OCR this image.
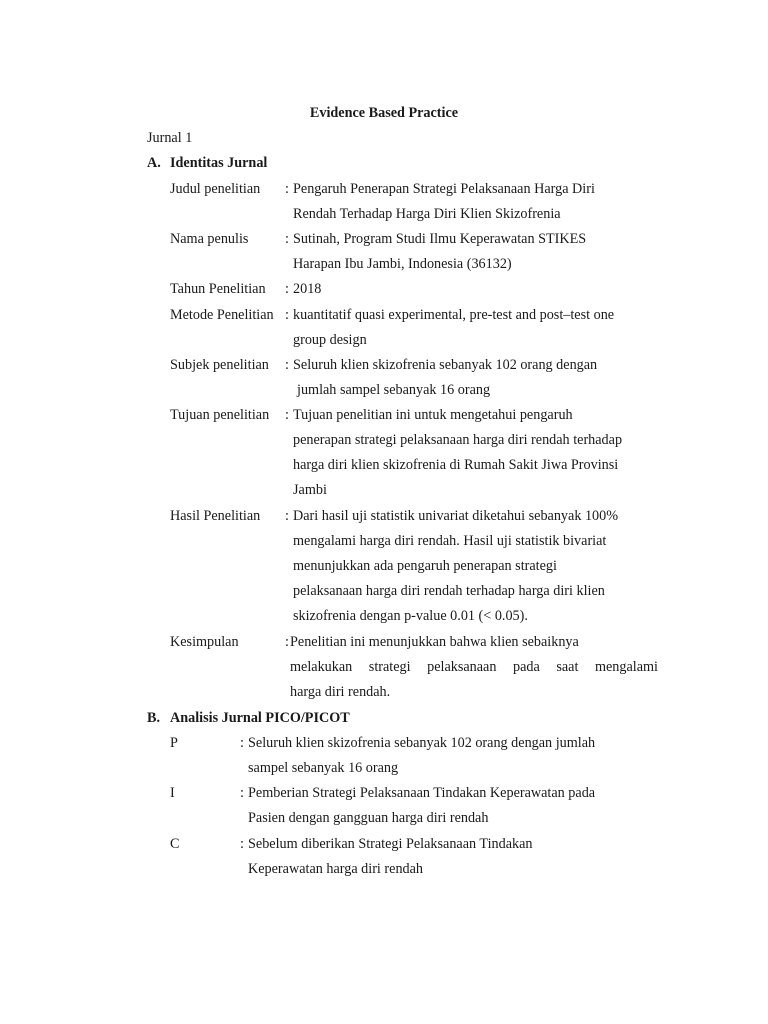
Evidence Based Practice
Jurnal 1
A. Identitas Jurnal
Judul penelitian : Pengaruh Penerapan Strategi Pelaksanaan Harga Diri
Rendah Terhadap Harga Diri Klien Skizofrenia
Nama penulis	: Sutinah, Program Studi Ilmu Keperawatan STIKES
Harapan Ibu Jambi, Indonesia (36132)
Tahun Penelitian : 2018
Metode Penelitian : kuantitatif quasi experimental, pre-test and post–test one
group design
Subjek penelitian : Seluruh klien skizofrenia sebanyak 102 orang dengan
jumlah sampel sebanyak 16 orang
Tujuan penelitian : Tujuan penelitian ini untuk mengetahui pengaruh
penerapan strategi pelaksanaan harga diri rendah terhadap
harga diri klien skizofrenia di Rumah Sakit Jiwa Provinsi
Jambi
Hasil Penelitian : Dari hasil uji statistik univariat diketahui sebanyak 100%
mengalami harga diri rendah. Hasil uji statistik bivariat
menunjukkan ada pengaruh penerapan strategi
pelaksanaan harga diri rendah terhadap harga diri klien
skizofrenia dengan p-value 0.01 (< 0.05).
Kesimpulan	: Penelitian ini menunjukkan bahwa klien sebaiknya
melakukan strategi pelaksanaan pada saat mengalami
harga diri rendah.
B. Analisis Jurnal PICO/PICOT
P	: Seluruh klien skizofrenia sebanyak 102 orang dengan jumlah
sampel sebanyak 16 orang
I	: Pemberian Strategi Pelaksanaan Tindakan Keperawatan pada
Pasien dengan gangguan harga diri rendah
C	: Sebelum diberikan Strategi Pelaksanaan Tindakan
Keperawatan harga diri rendah
